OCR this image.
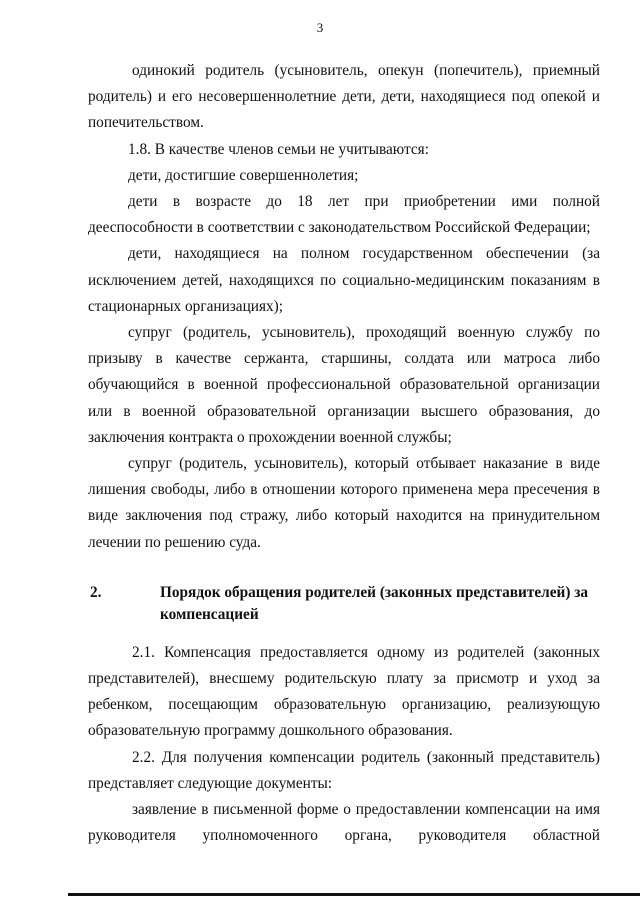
3

одинокий родитель (усыновитель, опекун (попечитель), приемный родитель) и его несовершеннолетние дети, дети, находящиеся под опекой и попечительством.

1.8. В качестве членов семьи не учитываются:

дети, достигшие совершеннолетия;

дети в возрасте до 18 лет при приобретении ими полной дееспособности в соответствии с законодательством Российской Федерации;

дети, находящиеся на полном государственном обеспечении (за исключением детей, находящихся по социально-медицинским показаниям в стационарных организациях);

супруг (родитель, усыновитель), проходящий военную службу по призыву в качестве сержанта, старшины, солдата или матроса либо обучающийся в военной профессиональной образовательной организации или в военной образовательной организации высшего образования, до заключения контракта о прохождении военной службы;

супруг (родитель, усыновитель), который отбывает наказание в виде лишения свободы, либо в отношении которого применена мера пресечения в виде заключения под стражу, либо который находится на принудительном лечении по решению суда.

2.	Порядок обращения родителей (законных представителей) за компенсацией

2.1. Компенсация предоставляется одному из родителей (законных представителей), внесшему родительскую плату за присмотр и уход за ребенком, посещающим образовательную организацию, реализующую образовательную программу дошкольного образования.

2.2. Для получения компенсации родитель (законный представитель) представляет следующие документы:

заявление в письменной форме о предоставлении компенсации на имя руководителя уполномоченного органа, руководителя областной
